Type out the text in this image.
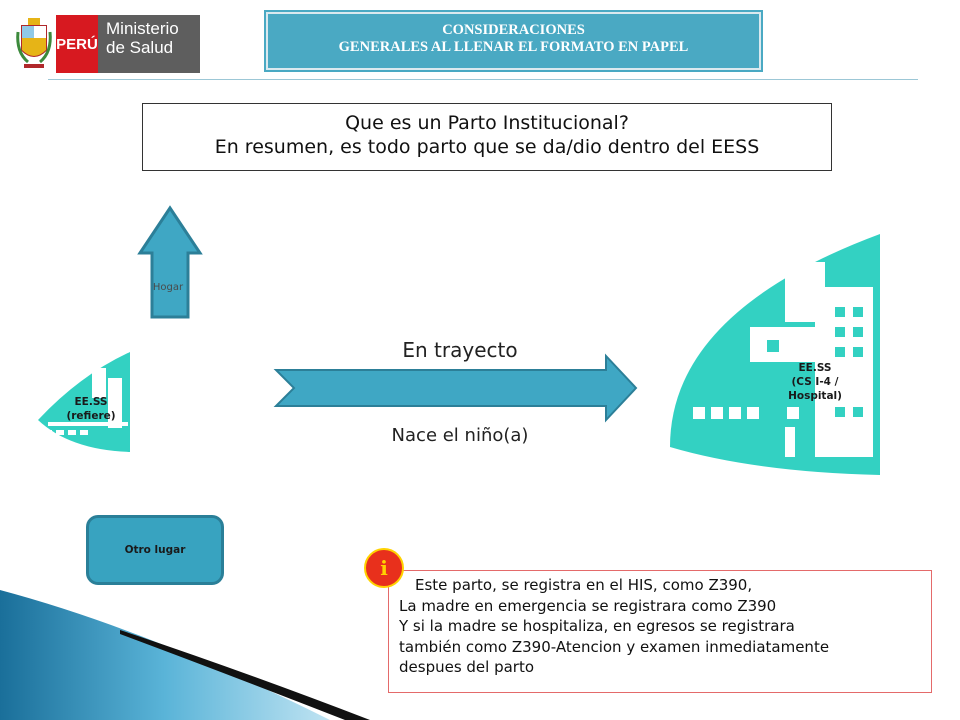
PERÚ
Ministerio
de Salud
CONSIDERACIONES
GENERALES AL LLENAR EL FORMATO EN PAPEL
Que es un Parto Institucional?
En resumen, es todo parto que se da/dio dentro del EESS
Hogar
EE.SS
(refiere)
En trayecto
Nace el niño(a)
EE.SS
(CS I-4 /
Hospital)
Otro lugar
Este parto, se registra en el HIS, como Z390,
La madre en emergencia se registrara como Z390
Y si la madre se hospitaliza, en egresos se registrara
también como Z390-Atencion y examen inmediatamente
despues del parto
i
